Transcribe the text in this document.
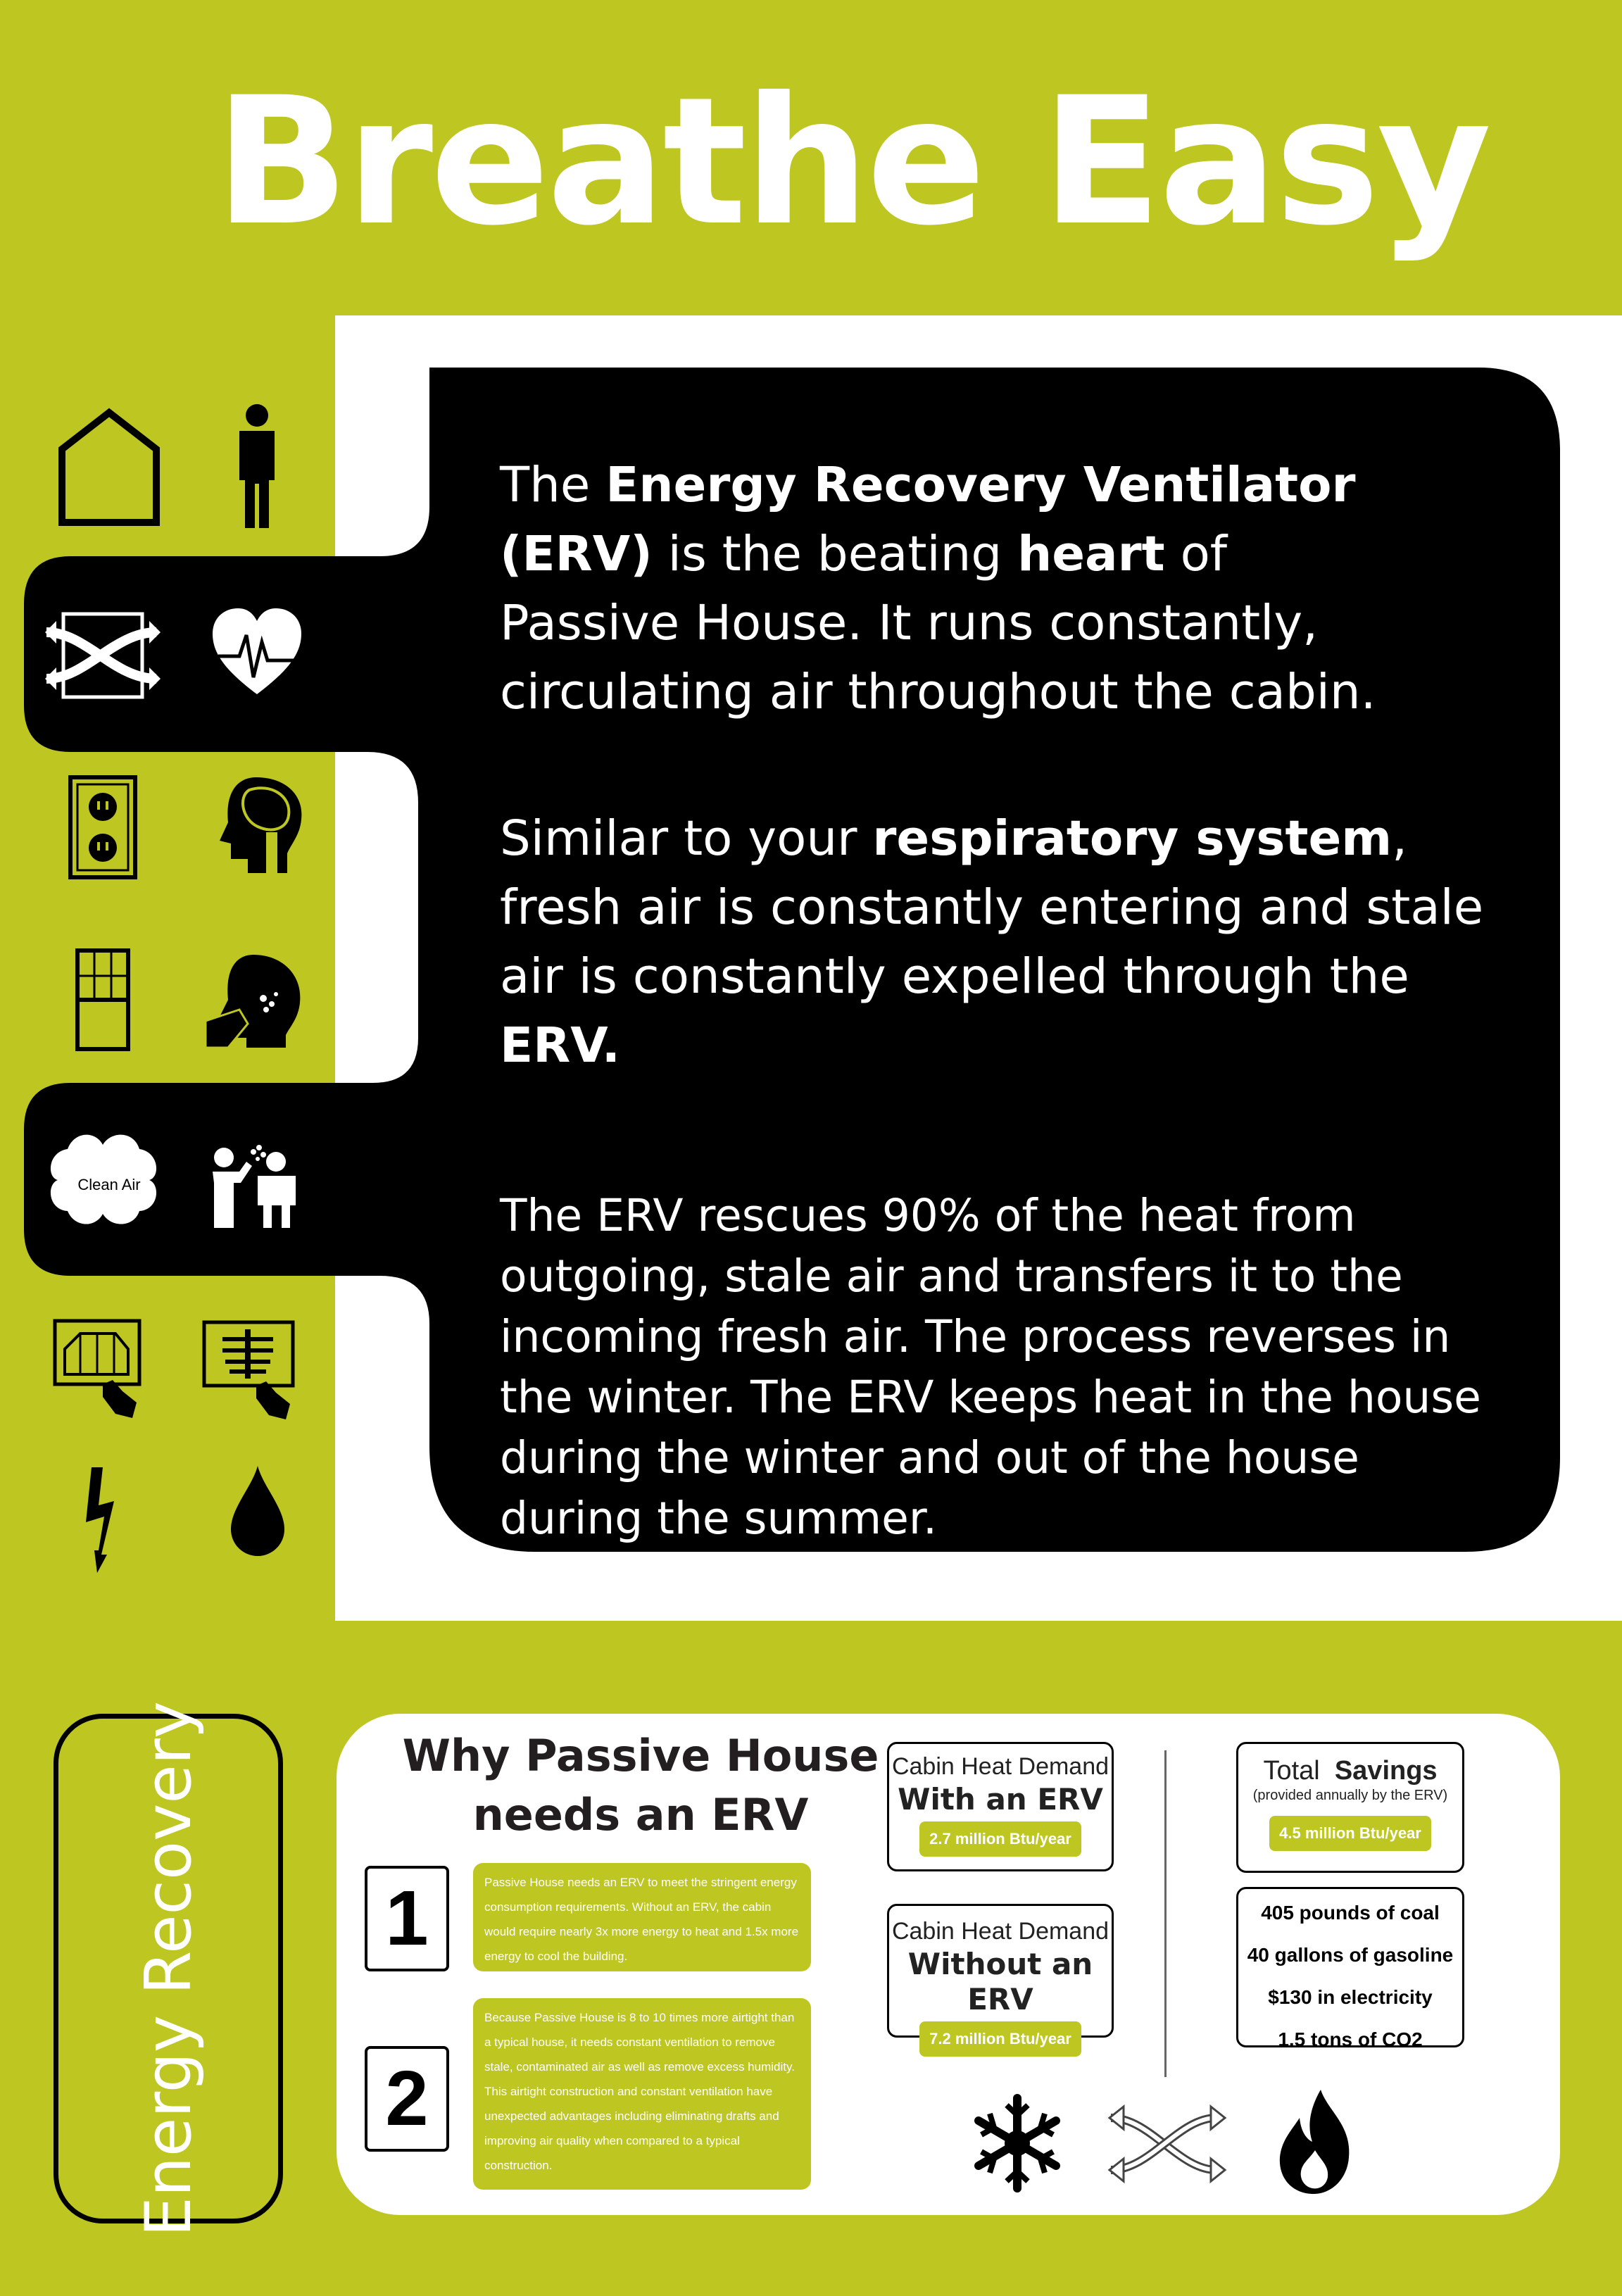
Breathe Easy
Clean Air

The Energy Recovery Ventilator (ERV) is the beating heart of Passive House. It runs constantly, circulating air throughout the cabin.

Similar to your respiratory system, fresh air is constantly entering and stale air is constantly expelled through the ERV.

The ERV rescues 90% of the heat from outgoing, stale air and transfers it to the incoming fresh air. The process reverses in the winter. The ERV keeps heat in the house during the winter and out of the house during the summer.

Energy Recovery	Why Passive House
needs an ERV
1	Passive House needs an ERV to meet the stringent energy consumption requirements. Without an ERV, the cabin would require nearly 3x more energy to heat and 1.5x more energy to cool the building.
2
Because Passive House is 8 to 10 times more airtight than a typical house, it needs constant ventilation to remove stale, contaminated air as well as remove excess humidity. This airtight construction and constant ventilation have unexpected advantages including eliminating drafts and improving air quality when compared to a typical construction.
Cabin Heat Demand
With an ERV
2.7 million Btu/year
Cabin Heat Demand
Without an ERV
7.2 million Btu/year
Total  Savings
(provided annually by the ERV)
4.5 million Btu/year
405 pounds of coal
40 gallons of gasoline
$130 in electricity
1.5 tons of CO2
